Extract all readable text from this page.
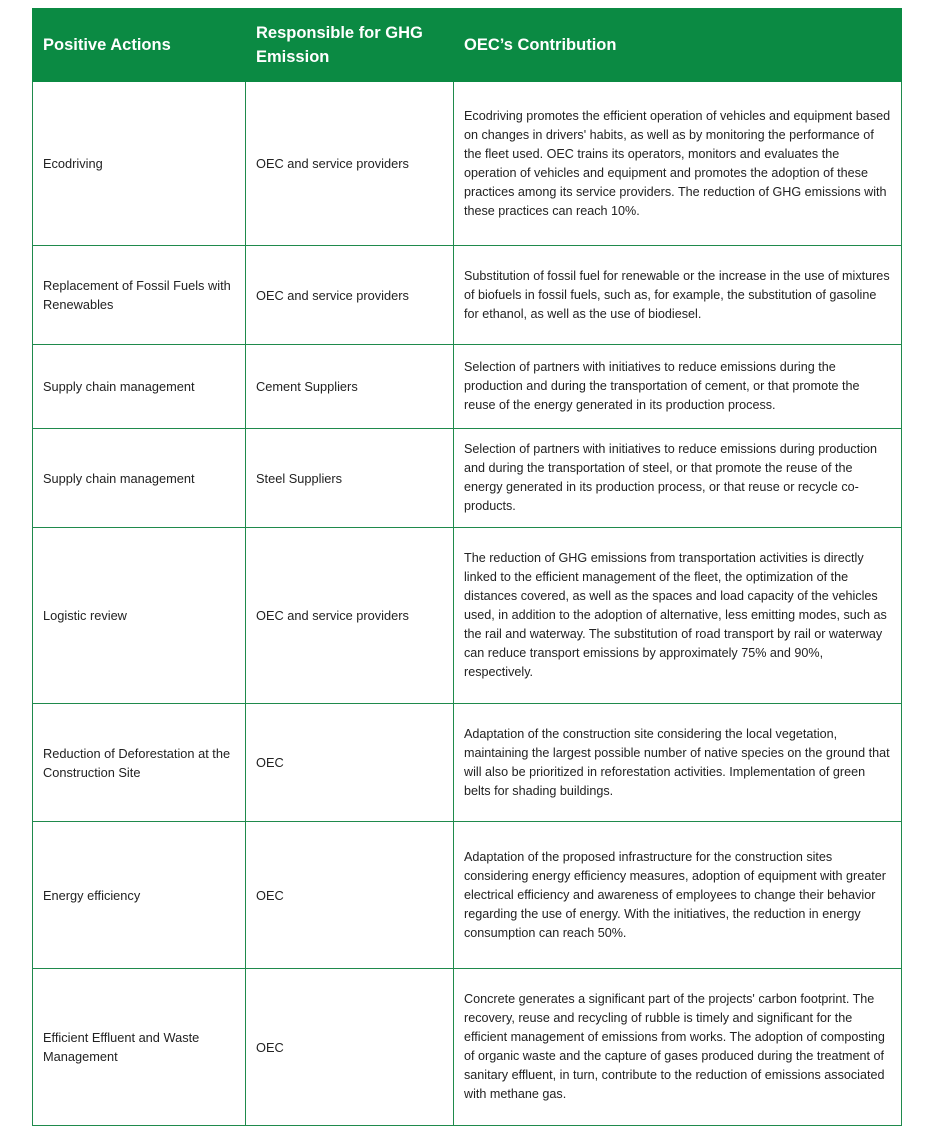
Positive Actions	Responsible for GHG Emission	OEC’s Contribution
Ecodriving	OEC and service providers	Ecodriving promotes the efficient operation of vehicles and equipment based on changes in drivers' habits, as well as by monitoring the performance of the fleet used. OEC trains its operators, monitors and evaluates the operation of vehicles and equipment and promotes the adoption of these practices among its service providers. The reduction of GHG emissions with these practices can reach 10%.
Replacement of Fossil Fuels with Renewables	OEC and service providers	Substitution of fossil fuel for renewable or the increase in the use of mixtures of biofuels in fossil fuels, such as, for example, the substitution of gasoline for ethanol, as well as the use of biodiesel.
Supply chain management	Cement Suppliers	Selection of partners with initiatives to reduce emissions during the production and during the transportation of cement, or that promote the reuse of the energy generated in its production process.
Supply chain management	Steel Suppliers	Selection of partners with initiatives to reduce emissions during production and during the transportation of steel, or that promote the reuse of the energy generated in its production process, or that reuse or recycle co-products.
Logistic review	OEC and service providers	The reduction of GHG emissions from transportation activities is directly linked to the efficient management of the fleet, the optimization of the distances covered, as well as the spaces and load capacity of the vehicles used, in addition to the adoption of alternative, less emitting modes, such as the rail and waterway. The substitution of road transport by rail or waterway can reduce transport emissions by approximately 75% and 90%, respectively.
Reduction of Deforestation at the Construction Site	OEC	Adaptation of the construction site considering the local vegetation, maintaining the largest possible number of native species on the ground that will also be prioritized in reforestation activities. Implementation of green belts for shading buildings.
Energy efficiency	OEC	Adaptation of the proposed infrastructure for the construction sites considering energy efficiency measures, adoption of equipment with greater electrical efficiency and awareness of employees to change their behavior regarding the use of energy. With the initiatives, the reduction in energy consumption can reach 50%.
Efficient Effluent and Waste Management	OEC	Concrete generates a significant part of the projects' carbon footprint. The recovery, reuse and recycling of rubble is timely and significant for the efficient management of emissions from works. The adoption of composting of organic waste and the capture of gases produced during the treatment of sanitary effluent, in turn, contribute to the reduction of emissions associated with methane gas.
